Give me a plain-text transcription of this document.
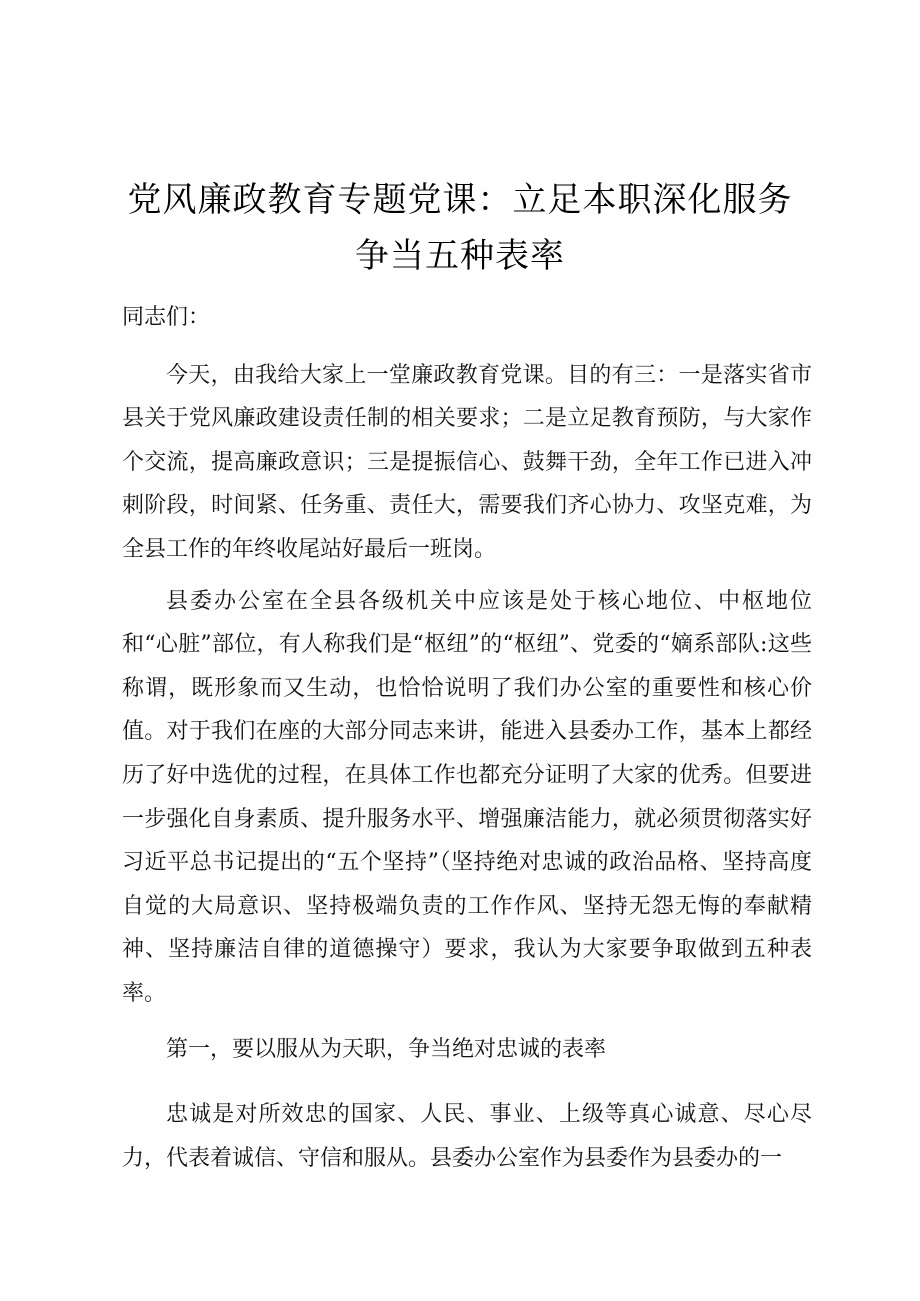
党风廉政教育专题党课：立足本职深化服务
争当五种表率

同志们：

今天，由我给大家上一堂廉政教育党课。目的有三：一是落实省市县关于党风廉政建设责任制的相关要求；二是立足教育预防，与大家作个交流，提高廉政意识；三是提振信心、鼓舞干劲，全年工作已进入冲刺阶段，时间紧、任务重、责任大，需要我们齐心协力、攻坚克难，为全县工作的年终收尾站好最后一班岗。

县委办公室在全县各级机关中应该是处于核心地位、中枢地位和“心脏”部位，有人称我们是“枢纽”的“枢纽”、党委的“嫡系部队:这些称谓，既形象而又生动，也恰恰说明了我们办公室的重要性和核心价值。对于我们在座的大部分同志来讲，能进入县委办工作，基本上都经历了好中选优的过程，在具体工作也都充分证明了大家的优秀。但要进一步强化自身素质、提升服务水平、增强廉洁能力，就必须贯彻落实好习近平总书记提出的“五个坚持”（坚持绝对忠诚的政治品格、坚持高度自觉的大局意识、坚持极端负责的工作作风、坚持无怨无悔的奉献精神、坚持廉洁自律的道德操守）要求，我认为大家要争取做到五种表率。

第一，要以服从为天职，争当绝对忠诚的表率

忠诚是对所效忠的国家、人民、事业、上级等真心诚意、尽心尽力，代表着诚信、守信和服从。县委办公室作为县委作为县委办的一
